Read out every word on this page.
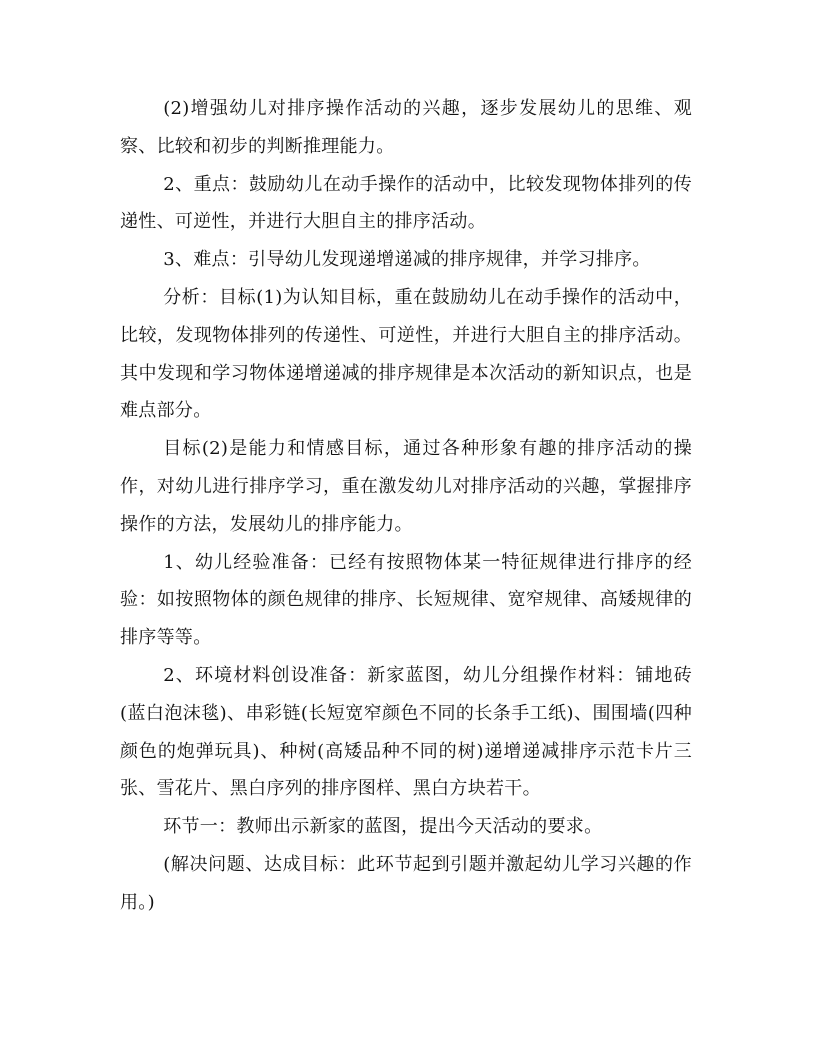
(2)增强幼儿对排序操作活动的兴趣，逐步发展幼儿的思维、观察、比较和初步的判断推理能力。

2、重点：鼓励幼儿在动手操作的活动中，比较发现物体排列的传递性、可逆性，并进行大胆自主的排序活动。

3、难点：引导幼儿发现递增递减的排序规律，并学习排序。

分析：目标(1)为认知目标，重在鼓励幼儿在动手操作的活动中，比较，发现物体排列的传递性、可逆性，并进行大胆自主的排序活动。其中发现和学习物体递增递减的排序规律是本次活动的新知识点，也是难点部分。

目标(2)是能力和情感目标，通过各种形象有趣的排序活动的操作，对幼儿进行排序学习，重在激发幼儿对排序活动的兴趣，掌握排序操作的方法，发展幼儿的排序能力。

1、幼儿经验准备：已经有按照物体某一特征规律进行排序的经验：如按照物体的颜色规律的排序、长短规律、宽窄规律、高矮规律的排序等等。

2、环境材料创设准备：新家蓝图，幼儿分组操作材料：铺地砖(蓝白泡沫毯)、串彩链(长短宽窄颜色不同的长条手工纸)、围围墙(四种颜色的炮弹玩具)、种树(高矮品种不同的树)递增递减排序示范卡片三张、雪花片、黑白序列的排序图样、黑白方块若干。

环节一：教师出示新家的蓝图，提出今天活动的要求。

(解决问题、达成目标：此环节起到引题并激起幼儿学习兴趣的作用。)
